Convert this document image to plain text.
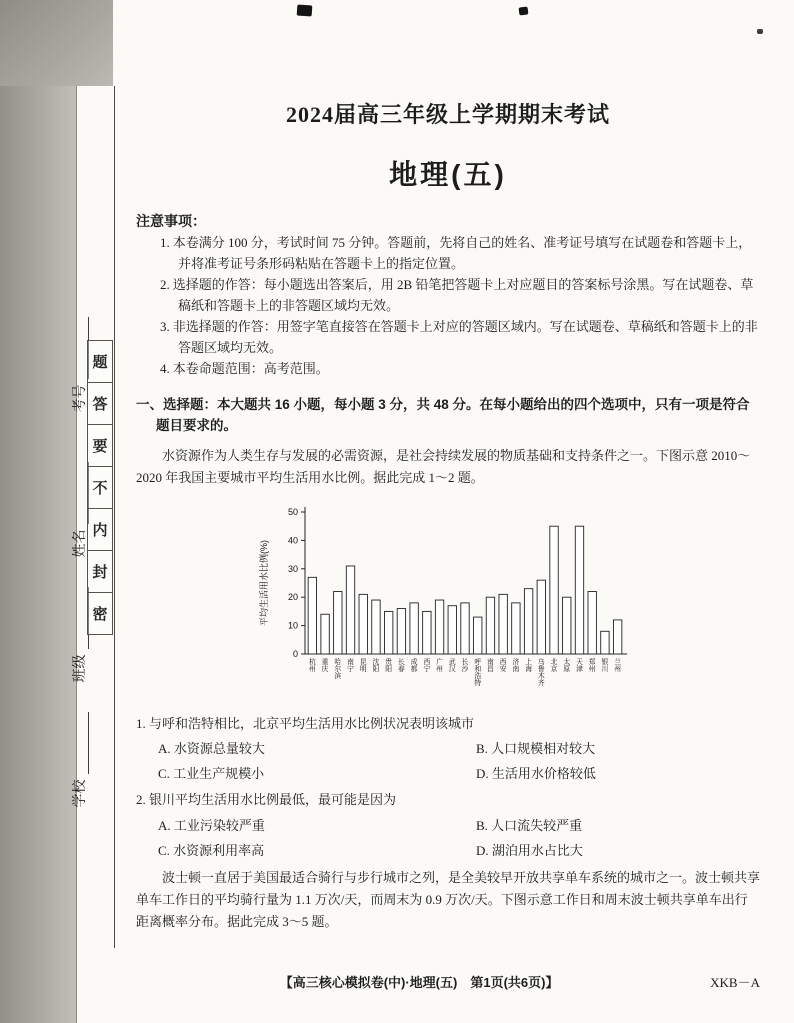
考号
姓名
班级
学校
题
答
要
不
内
封
密
2024届高三年级上学期期末考试
地理(五)
注意事项：

1. 本卷满分 100 分，考试时间 75 分钟。答题前，先将自己的姓名、准考证号填写在试题卷和答题卡上，并将准考证号条形码粘贴在答题卡上的指定位置。

2. 选择题的作答：每小题选出答案后，用 2B 铅笔把答题卡上对应题目的答案标号涂黑。写在试题卷、草稿纸和答题卡上的非答题区域均无效。

3. 非选择题的作答：用签字笔直接答在答题卡上对应的答题区域内。写在试题卷、草稿纸和答题卡上的非答题区域均无效。

4. 本卷命题范围：高考范围。

一、选择题：本大题共 16 小题，每小题 3 分，共 48 分。在每小题给出的四个选项中，只有一项是符合题目要求的。

水资源作为人类生存与发展的必需资源，是社会持续发展的物质基础和支持条件之一。下图示意 2010～2020 年我国主要城市平均生活用水比例。据此完成 1～2 题。

0
10
20
30
40
50
平均生活用水比例(%)
杭州
重庆
哈尔滨
南宁
昆明
沈阳
贵阳
长春
成都
西宁
广州
武汉
长沙
呼和浩特
南昌
西安
济南
上海
乌鲁木齐
北京
太原
天津
郑州
银川
兰州

1. 与呼和浩特相比，北京平均生活用水比例状况表明该城市

A. 水资源总量较大	B. 人口规模相对较大
C. 工业生产规模小	D. 生活用水价格较低

2. 银川平均生活用水比例最低，最可能是因为

A. 工业污染较严重	B. 人口流失较严重
C. 水资源利用率高	D. 湖泊用水占比大

波士顿一直居于美国最适合骑行与步行城市之列，是全美较早开放共享单车系统的城市之一。波士顿共享单车工作日的平均骑行量为 1.1 万次/天，而周末为 0.9 万次/天。下图示意工作日和周末波士顿共享单车出行距离概率分布。据此完成 3～5 题。

【高三核心模拟卷(中)·地理(五)　第1页(共6页)】	XKB－A
